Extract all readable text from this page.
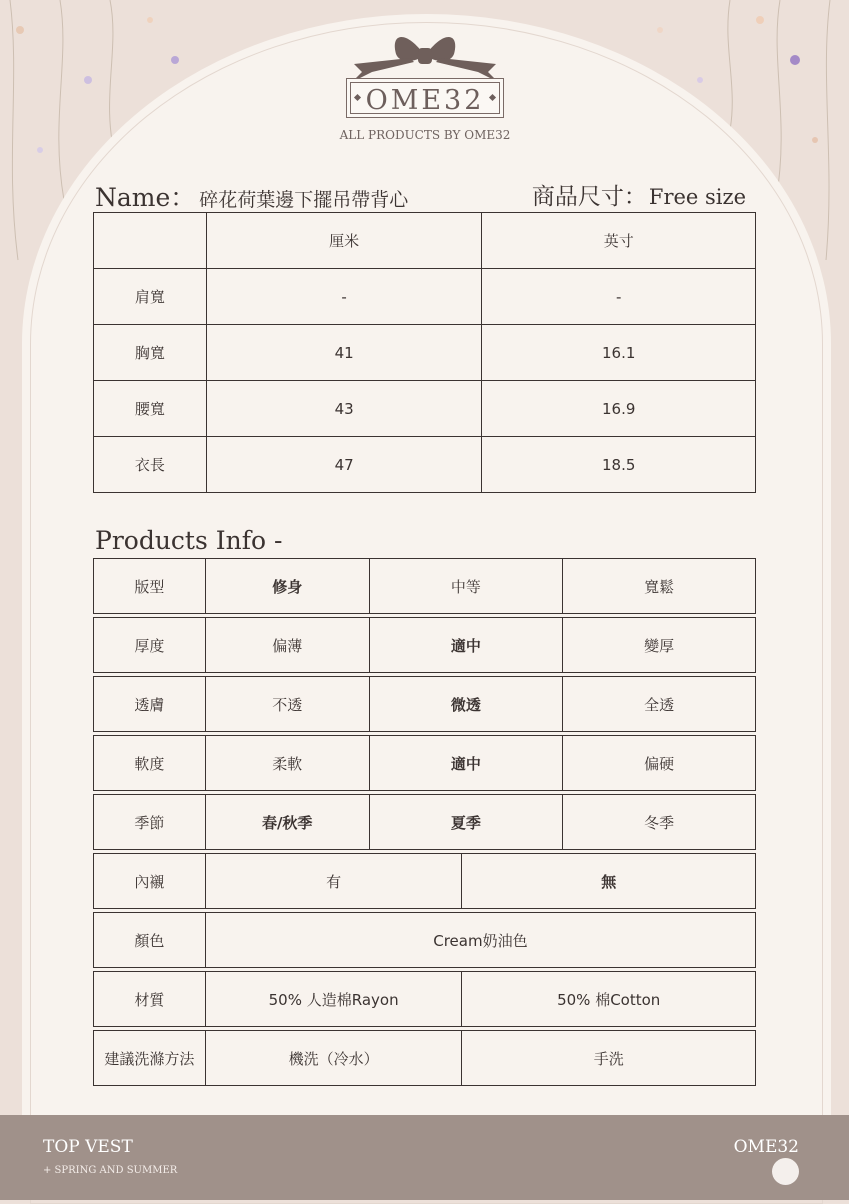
OME32
ALL PRODUCTS BY OME32
Name： 碎花荷葉邊下擺吊帶背心	商品尺寸：Free size
	厘米	英寸
肩寬	-	-
胸寬	41	16.1
腰寬	43	16.9
衣長	47	18.5
Products Info -
版型	修身	中等	寬鬆
厚度	偏薄	適中	變厚
透膚	不透	微透	全透
軟度	柔軟	適中	偏硬
季節	春/秋季	夏季	冬季
內襯	有	無
顏色	Cream奶油色
材質	50% 人造棉Rayon	50% 棉Cotton
建議洗滌方法	機洗（冷水）	手洗
TOP VEST
+ SPRING AND SUMMER
OME32
